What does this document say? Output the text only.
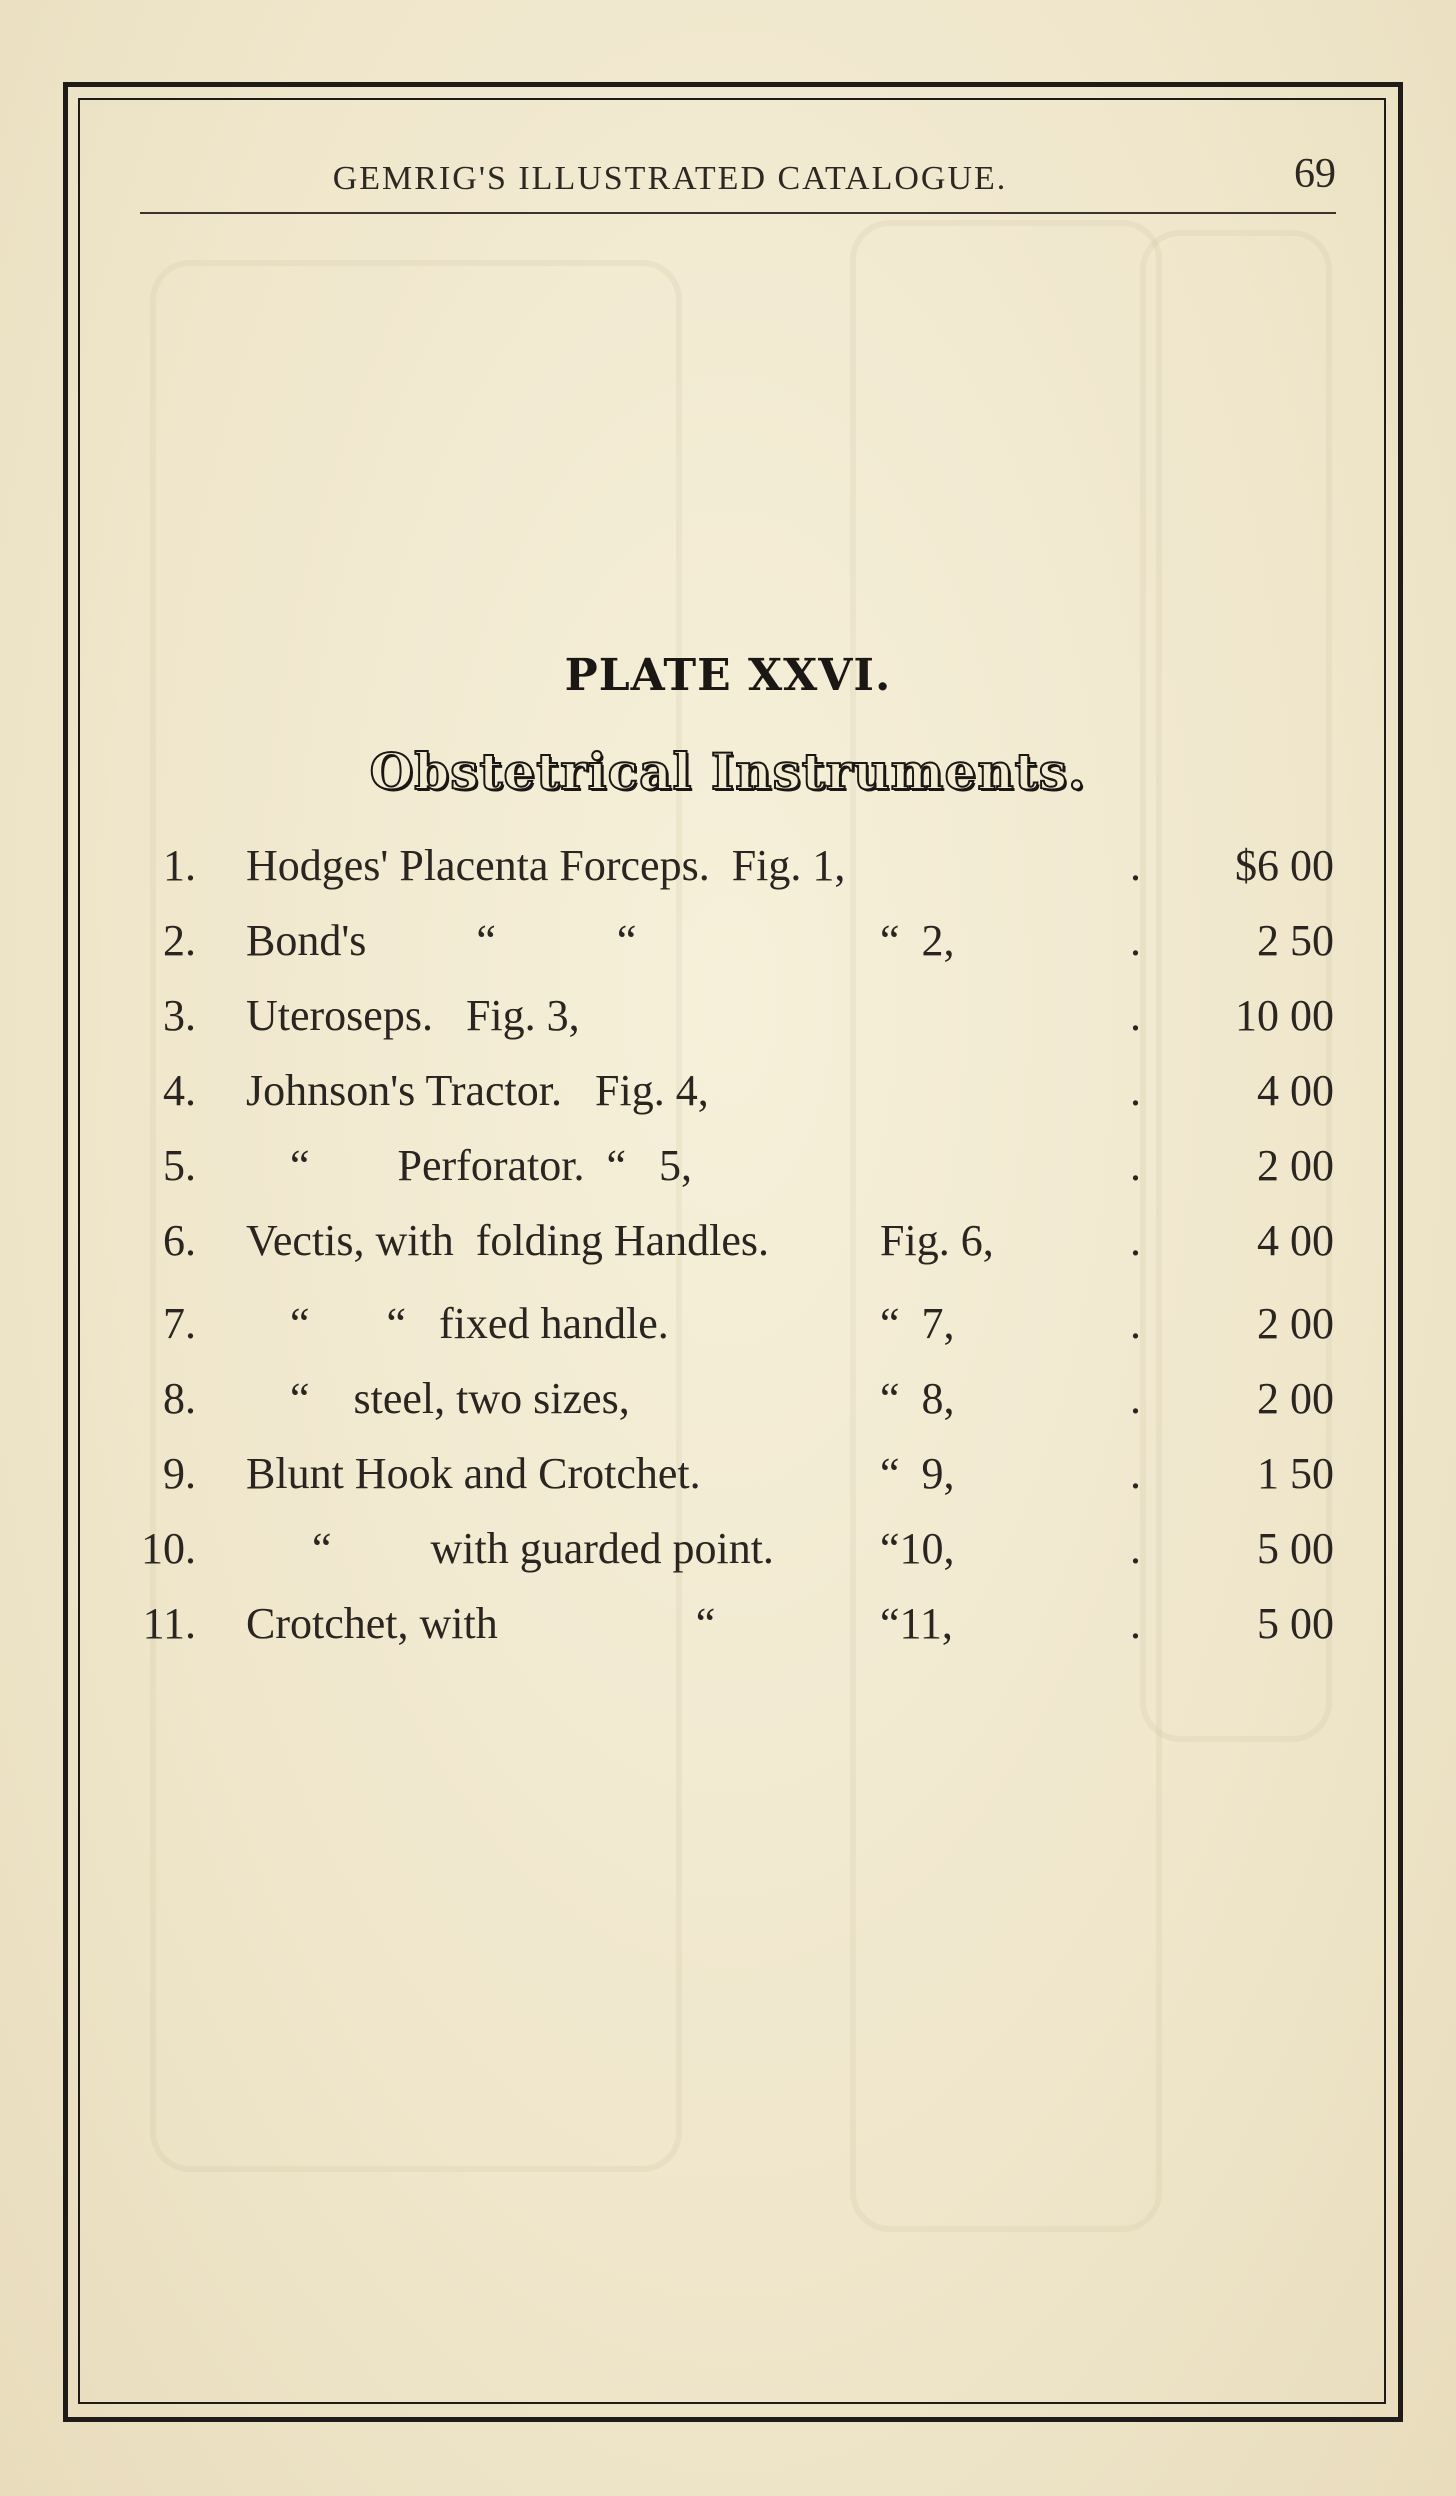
GEMRIG'S ILLUSTRATED CATALOGUE.	69
PLATE XXVI.
Obstetrical Instruments.
1. Hodges' Placenta Forceps.  Fig. 1,	. $6 00
2. Bond's          “           “	“  2,	.	2 50
3. Uteroseps.   Fig. 3,	. 10 00
4. Johnson's Tractor.   Fig. 4,	.	4 00
5. “        Perforator.  “   5,	.	2 00
6. Vectis, with  folding Handles.	Fig. 6,	.	4 00
7. “       “   fixed handle.	“  7,	.	2 00
8. “    steel, two sizes,	“  8,	.	2 00
9. Blunt Hook and Crotchet.	“  9,	.	1 50
10. “         with guarded point. “10,	.	5 00
11. Crotchet, with                  “	“11,	.	5 00
